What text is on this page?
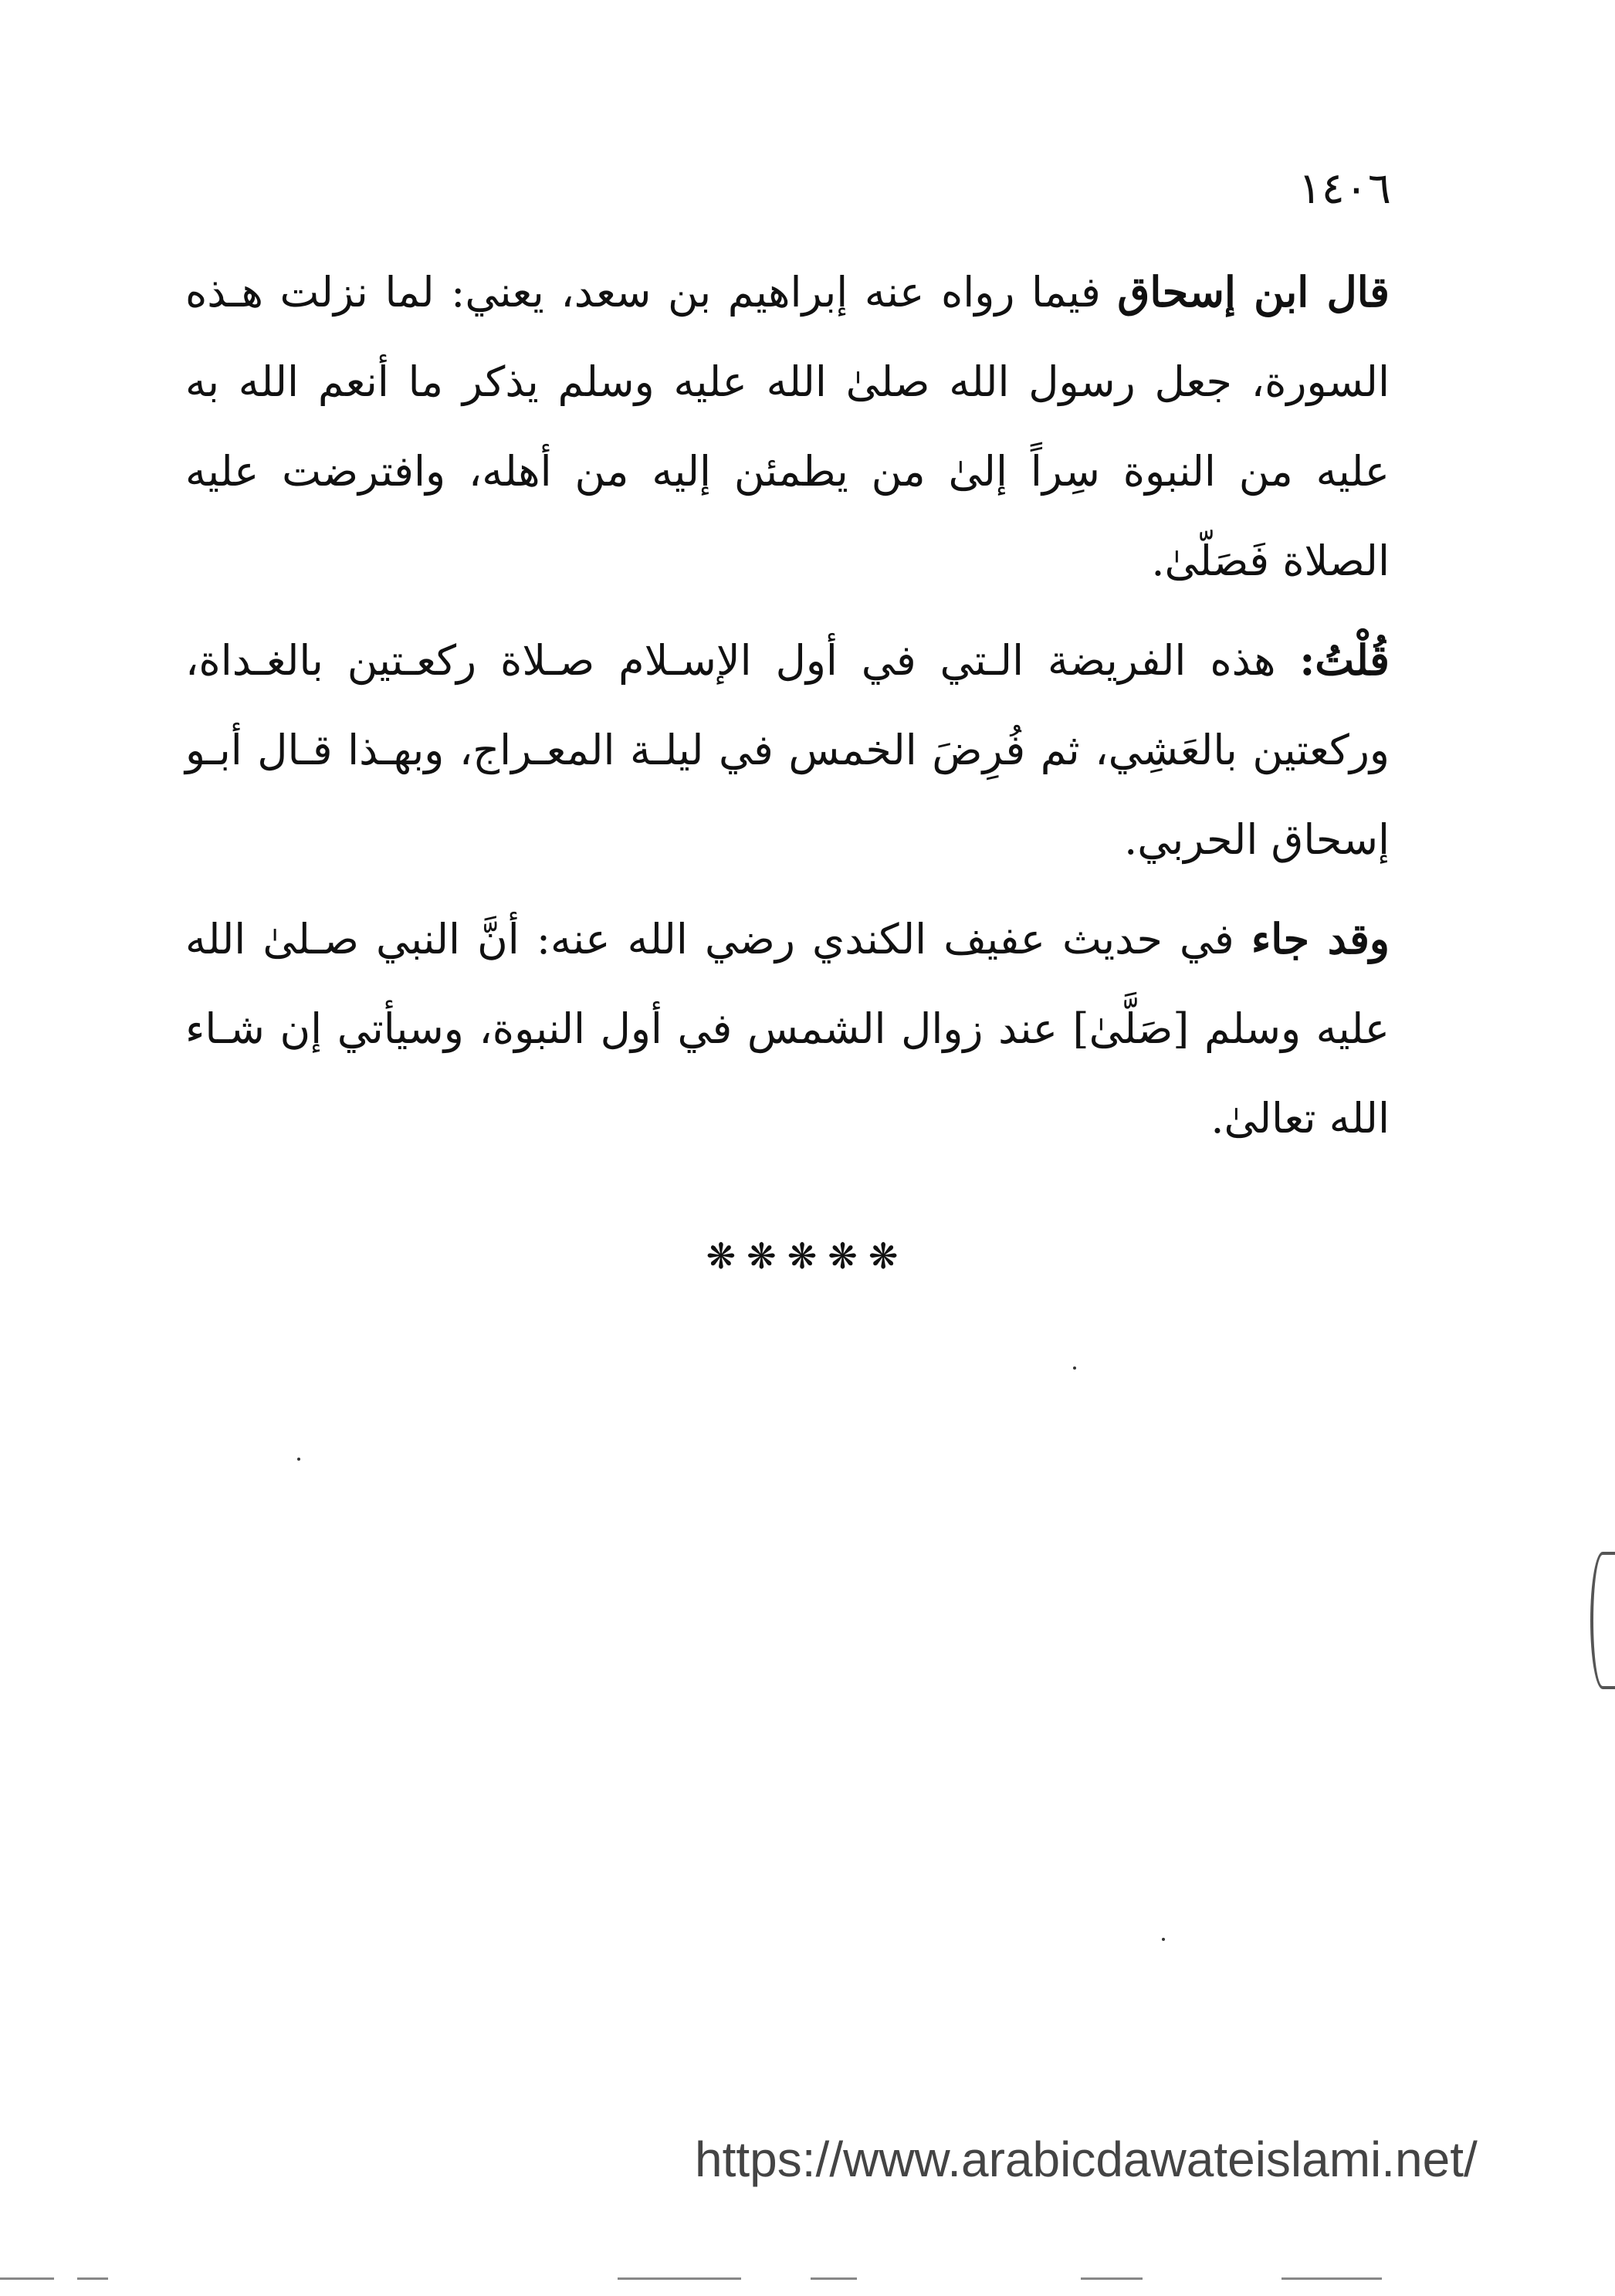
١٤٠٦

قال ابن إسحاق فيما رواه عنه إبراهيم بن سعد، يعني: لما نزلت هـذه السورة، جعل رسول الله صلىٰ الله عليه وسلم يذكر ما أنعم الله به عليه من النبوة سِراً إلىٰ من يطمئن إليه من أهله، وافترضت عليه الصلاة فَصَلّىٰ.

قُلْتُ: هذه الفريضة الـتي في أول الإسـلام صـلاة ركعـتين بالغـداة، وركعتين بالعَشِي، ثم فُرِضَ الخمس في ليلـة المعـراج، وبهـذا قـال أبـو إسحاق الحربي.

وقد جاء في حديث عفيف الكندي رضي الله عنه: أنَّ النبي صـلىٰ الله عليه وسلم [صَلَّىٰ] عند زوال الشمس في أول النبوة، وسيأتي إن شـاء الله تعالىٰ.

❋❋❋❋❋
https://www.arabicdawateislami.net/
